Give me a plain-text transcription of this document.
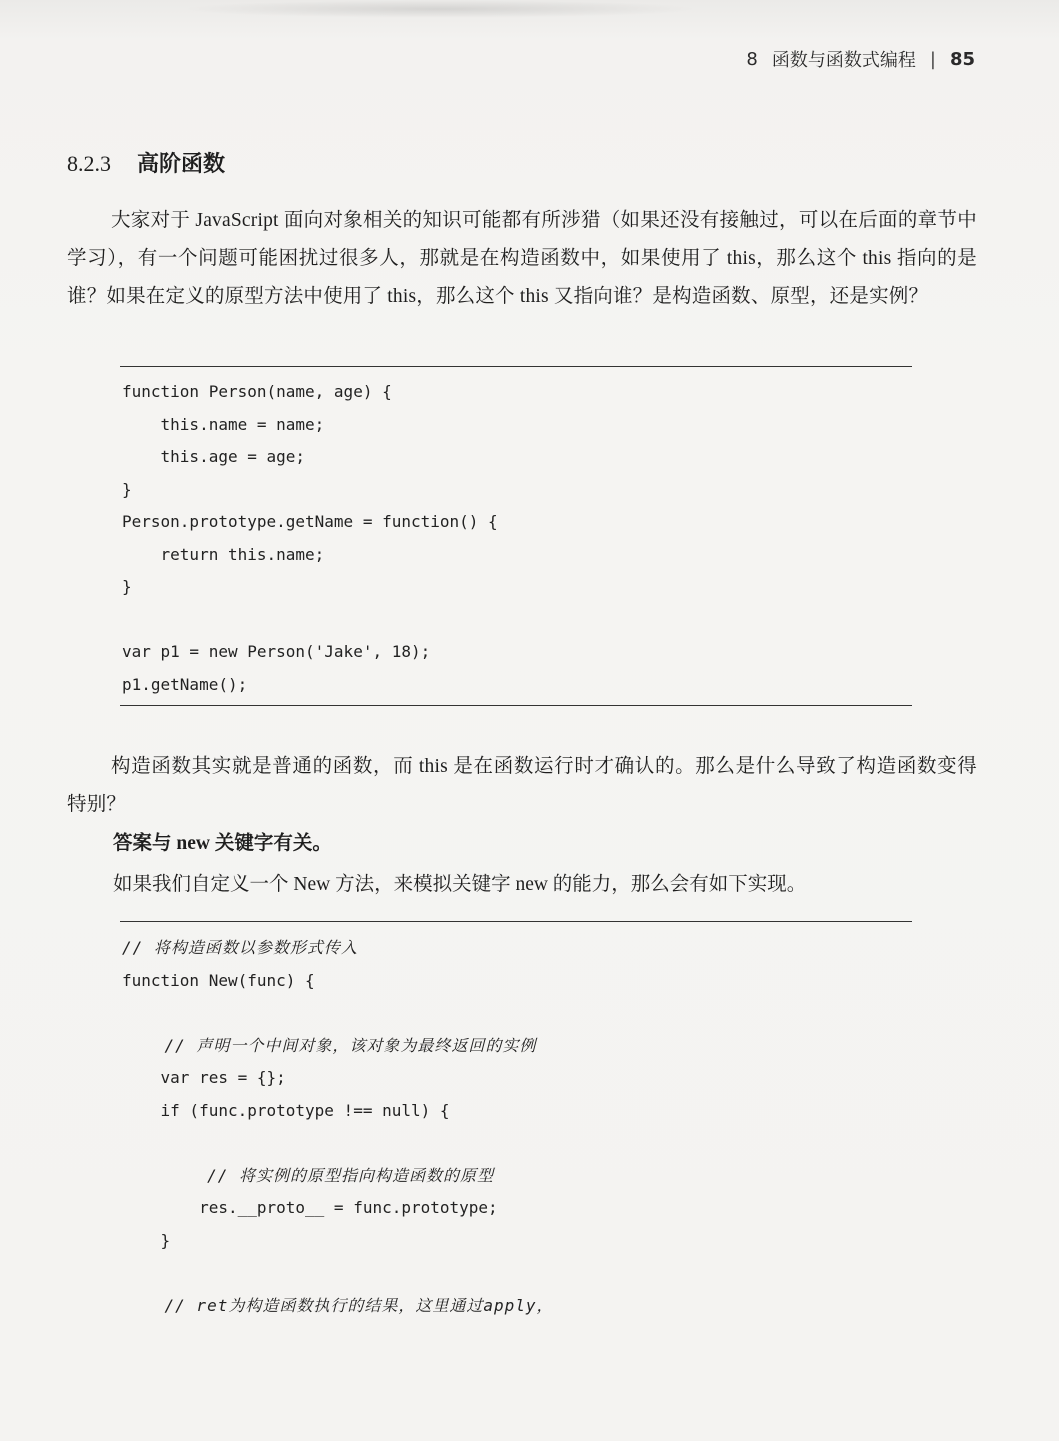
8 函数与函数式编程 | 85
8.2.3 高阶函数
大家对于 JavaScript 面向对象相关的知识可能都有所涉猎（如果还没有接触过，可以在后面的章节中学习），有一个问题可能困扰过很多人，那就是在构造函数中，如果使用了 this，那么这个 this 指向的是谁？如果在定义的原型方法中使用了 this，那么这个 this 又指向谁？是构造函数、原型，还是实例？
function Person(name, age) {
this.name = name;
this.age = age;
}
Person.prototype.getName = function() {
return this.name;
}
var p1 = new Person('Jake', 18);
p1.getName();
构造函数其实就是普通的函数，而 this 是在函数运行时才确认的。那么是什么导致了构造函数变得特别？
答案与 new 关键字有关。
如果我们自定义一个 New 方法，来模拟关键字 new 的能力，那么会有如下实现。
// 将构造函数以参数形式传入
function New(func) {
// 声明一个中间对象，该对象为最终返回的实例
var res = {};
if (func.prototype !== null) {
// 将实例的原型指向构造函数的原型
res.__proto__ = func.prototype;
}
// ret为构造函数执行的结果，这里通过apply，
